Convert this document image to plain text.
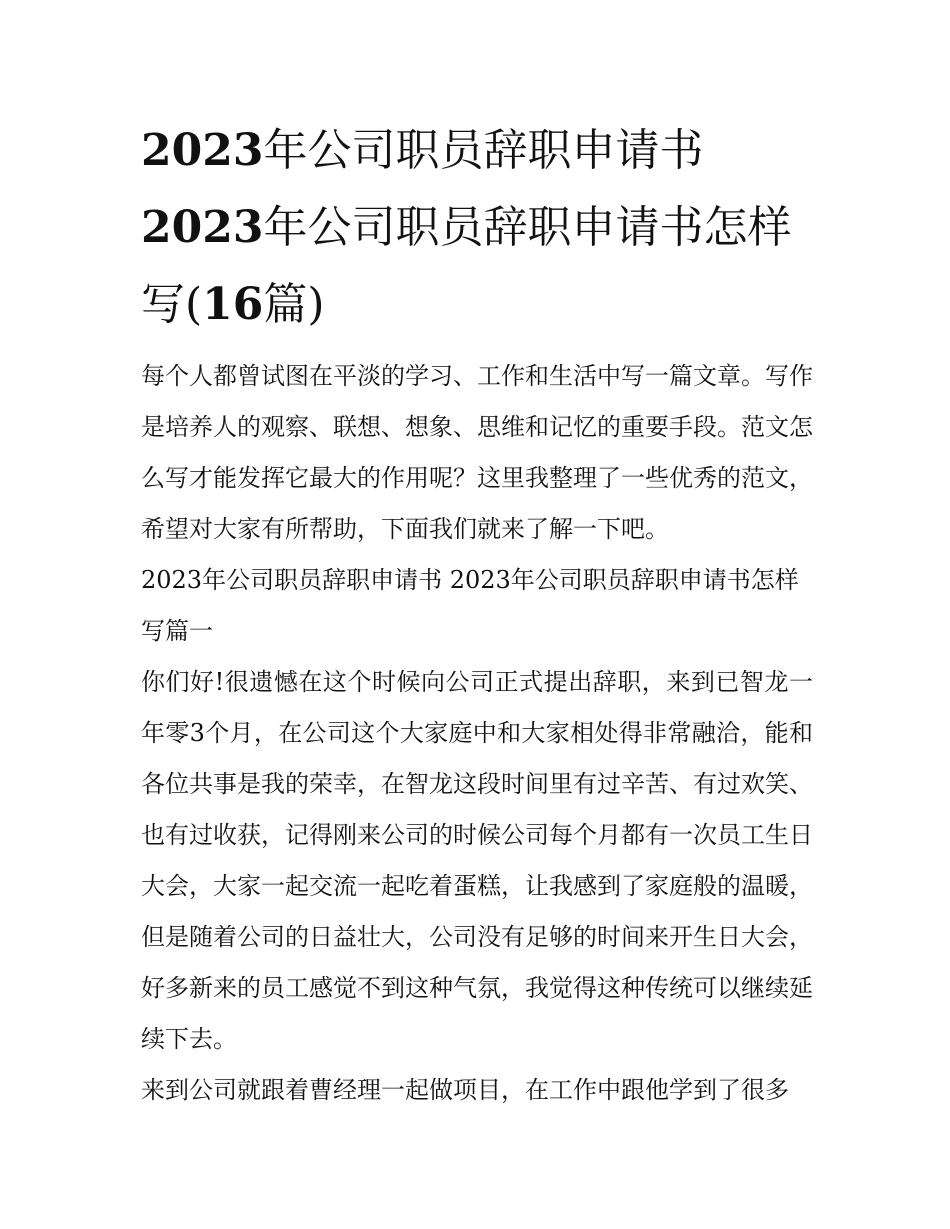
2023年公司职员辞职申请书 2023年公司职员辞职申请书怎样写(16篇)

每个人都曾试图在平淡的学习、工作和生活中写一篇文章。写作是培养人的观察、联想、想象、思维和记忆的重要手段。范文怎么写才能发挥它最大的作用呢？这里我整理了一些优秀的范文，希望对大家有所帮助，下面我们就来了解一下吧。

2023年公司职员辞职申请书 2023年公司职员辞职申请书怎样写篇一

你们好!很遗憾在这个时候向公司正式提出辞职，来到已智龙一年零3个月，在公司这个大家庭中和大家相处得非常融洽，能和各位共事是我的荣幸，在智龙这段时间里有过辛苦、有过欢笑、也有过收获，记得刚来公司的时候公司每个月都有一次员工生日大会，大家一起交流一起吃着蛋糕，让我感到了家庭般的温暖，但是随着公司的日益壮大，公司没有足够的时间来开生日大会，好多新来的员工感觉不到这种气氛，我觉得这种传统可以继续延续下去。

来到公司就跟着曹经理一起做项目，在工作中跟他学到了很多
